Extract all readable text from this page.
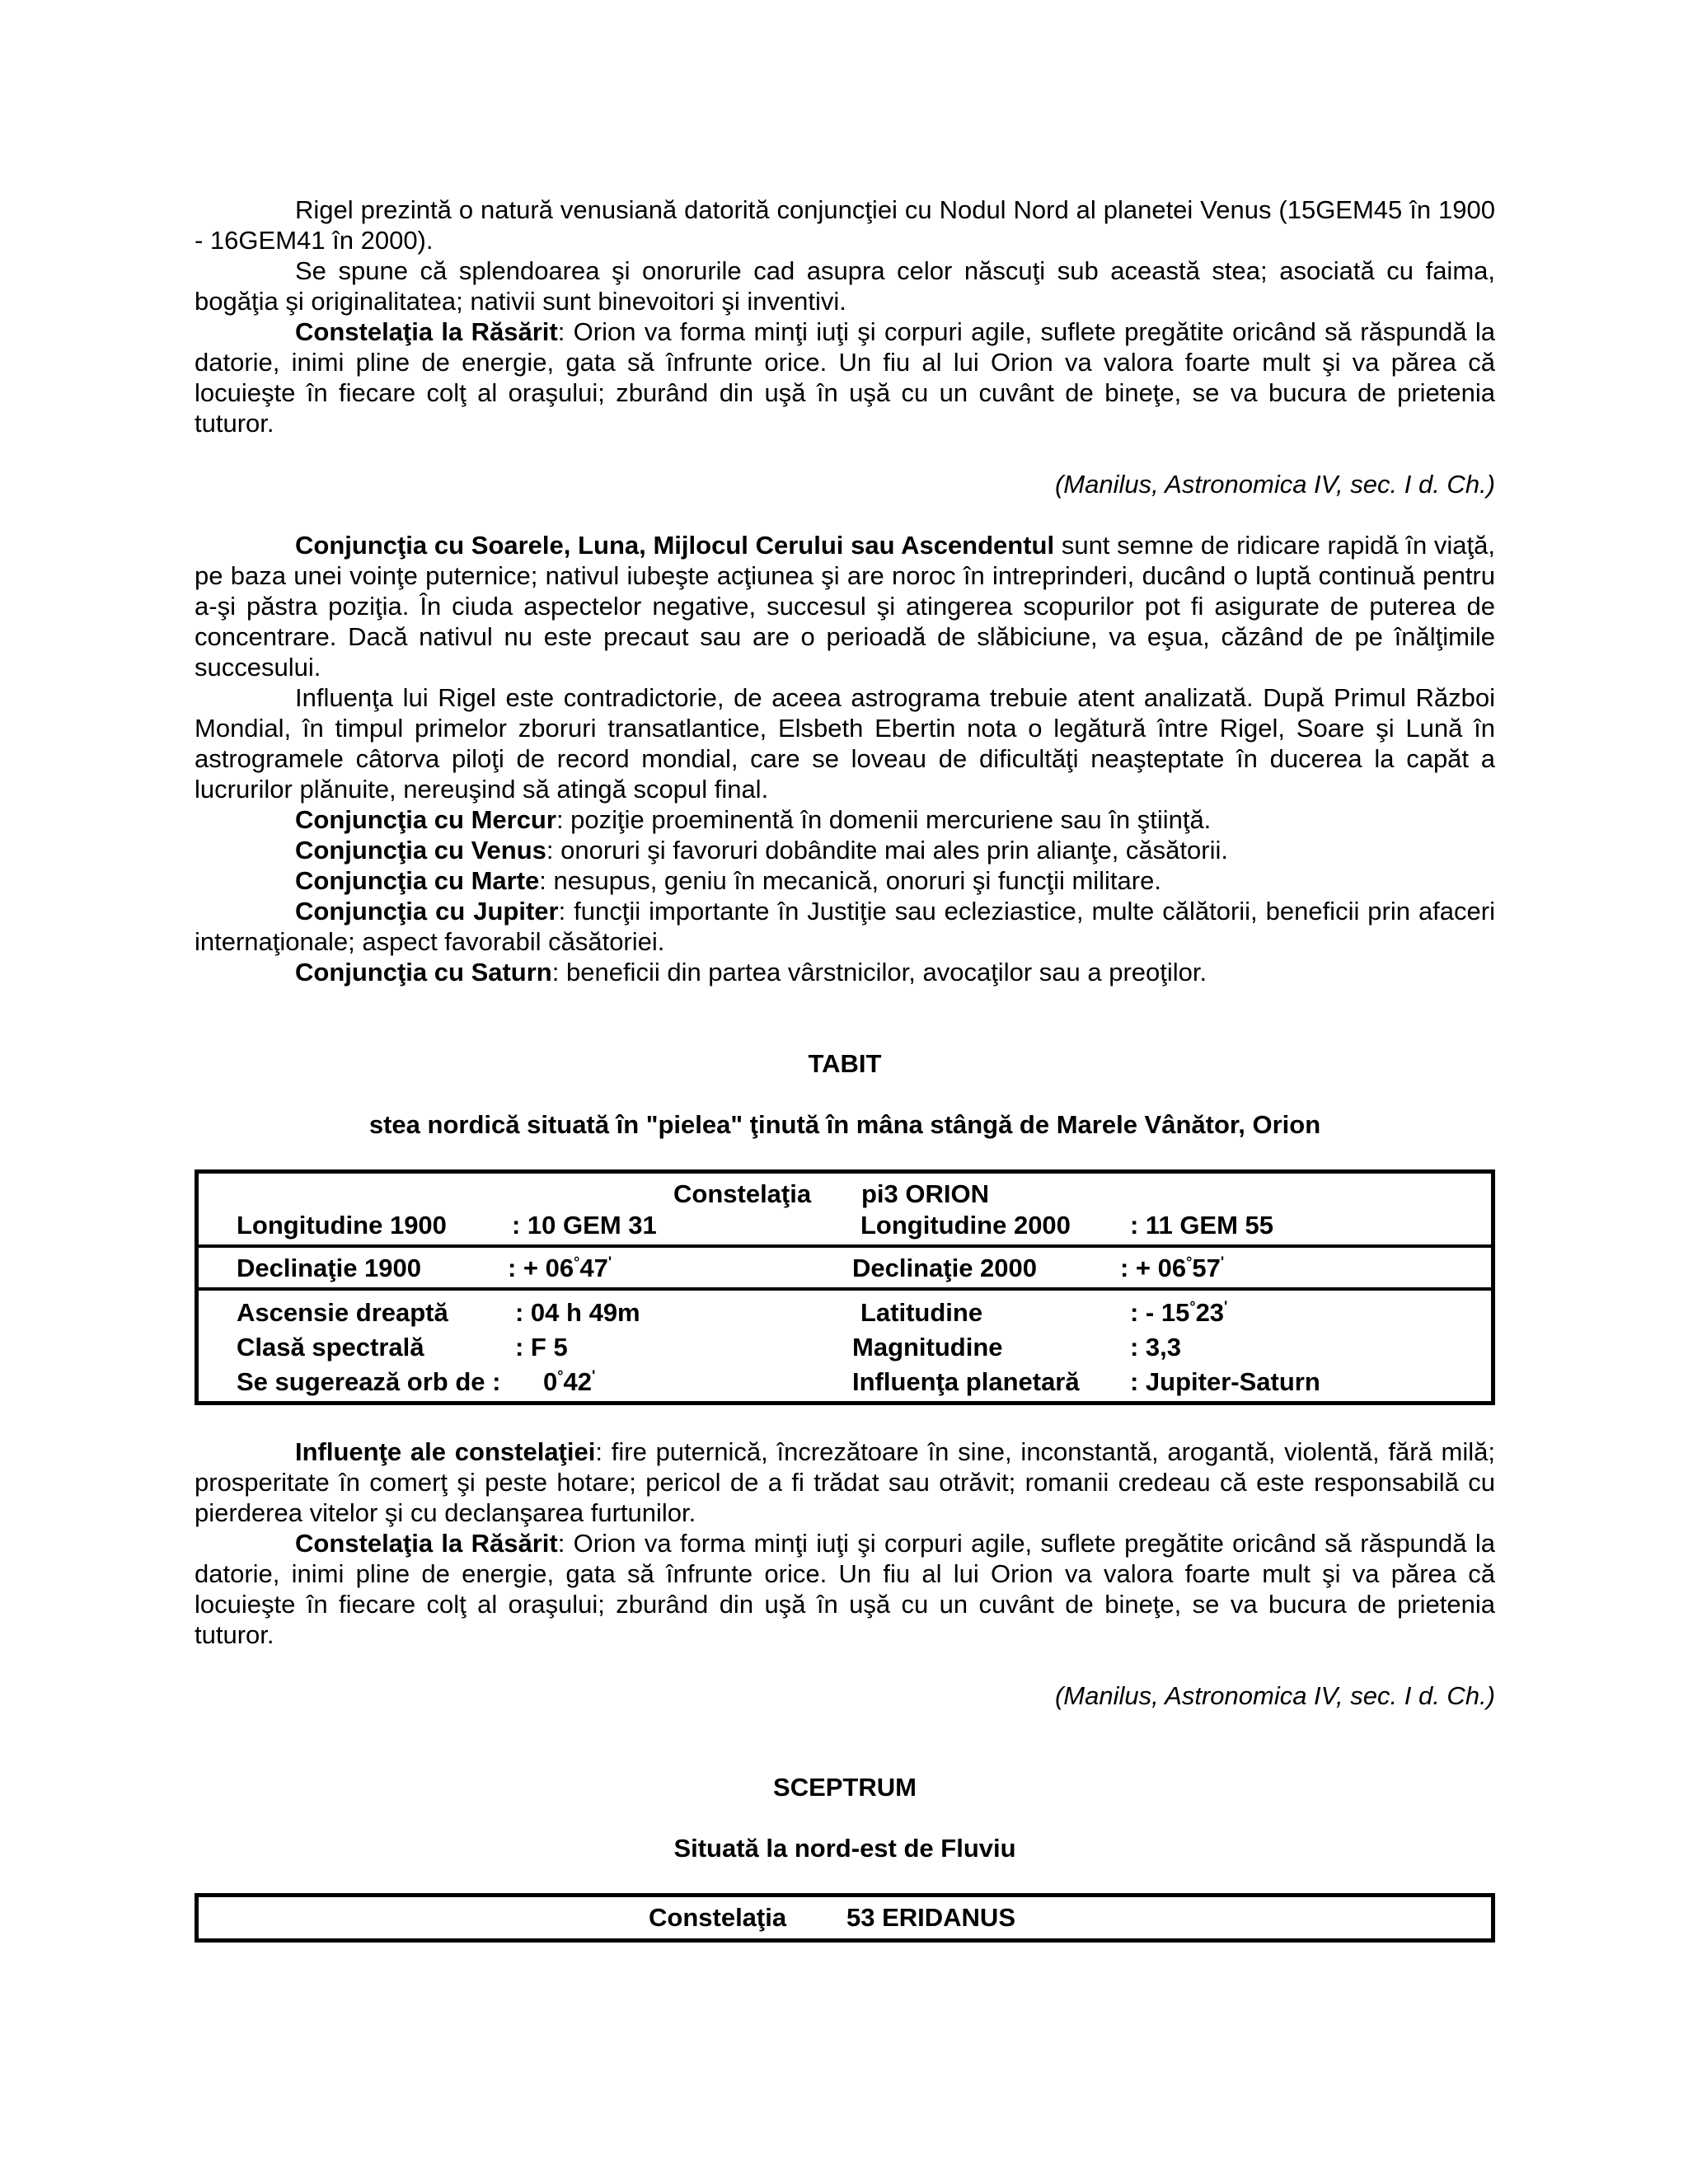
Rigel prezintă o natură venusiană datorită conjuncţiei cu Nodul Nord al planetei Venus (15GEM45 în 1900 - 16GEM41 în 2000).

Se spune că splendoarea şi onorurile cad asupra celor născuţi sub această stea; asociată cu faima, bogăţia şi originalitatea; nativii sunt binevoitori şi inventivi.

Constelaţia la Răsărit: Orion va forma minţi iuţi şi corpuri agile, suflete pregătite oricând să răspundă la datorie, inimi pline de energie, gata să înfrunte orice. Un fiu al lui Orion va valora foarte mult şi va părea că locuieşte în fiecare colţ al oraşului; zburând din uşă în uşă cu un cuvânt de bineţe, se va bucura de prietenia tuturor.

(Manilus, Astronomica IV, sec. I d. Ch.)

Conjuncţia cu Soarele, Luna, Mijlocul Cerului sau Ascendentul sunt semne de ridicare rapidă în viaţă, pe baza unei voinţe puternice; nativul iubeşte acţiunea şi are noroc în intreprinderi, ducând o luptă continuă pentru a-şi păstra poziţia. În ciuda aspectelor negative, succesul şi atingerea scopurilor pot fi asigurate de puterea de concentrare. Dacă nativul nu este precaut sau are o perioadă de slăbiciune, va eşua, căzând de pe înălţimile succesului.

Influenţa lui Rigel este contradictorie, de aceea astrograma trebuie atent analizată. După Primul Război Mondial, în timpul primelor zboruri transatlantice, Elsbeth Ebertin nota o legătură între Rigel, Soare şi Lună în astrogramele câtorva piloţi de record mondial, care se loveau de dificultăţi neaşteptate în ducerea la capăt a lucrurilor plănuite, nereuşind să atingă scopul final.

Conjuncţia cu Mercur: poziţie proeminentă în domenii mercuriene sau în ştiinţă.

Conjuncţia cu Venus: onoruri şi favoruri dobândite mai ales prin alianţe, căsătorii.

Conjuncţia cu Marte: nesupus, geniu în mecanică, onoruri şi funcţii militare.

Conjuncţia cu Jupiter: funcţii importante în Justiţie sau ecleziastice, multe călătorii, beneficii prin afaceri internaţionale; aspect favorabil căsătoriei.

Conjuncţia cu Saturn: beneficii din partea vârstnicilor, avocaţilor sau a preoţilor.

TABIT

stea nordică situată în "pielea" ţinută în mâna stângă de Marele Vânător, Orion

Constelaţia pi3 ORION
Longitudine 1900	: 10 GEM 31	Longitudine 2000 : 11 GEM 55
Declinaţie 1900	: + 06°47'	Declinaţie 2000	: + 06°57'
Ascensie dreaptă	: 04 h 49m	Latitudine	: - 15°23'
Clasă spectrală	: F 5	Magnitudine	: 3,3
Se sugerează orb de : 0°42'	Influenţa planetară : Jupiter-Saturn

Influenţe ale constelaţiei: fire puternică, încrezătoare în sine, inconstantă, arogantă, violentă, fără milă; prosperitate în comerţ şi peste hotare; pericol de a fi trădat sau otrăvit; romanii credeau că este responsabilă cu pierderea vitelor şi cu declanşarea furtunilor.

Constelaţia la Răsărit: Orion va forma minţi iuţi şi corpuri agile, suflete pregătite oricând să răspundă la datorie, inimi pline de energie, gata să înfrunte orice. Un fiu al lui Orion va valora foarte mult şi va părea că locuieşte în fiecare colţ al oraşului; zburând din uşă în uşă cu un cuvânt de bineţe, se va bucura de prietenia tuturor.

(Manilus, Astronomica IV, sec. I d. Ch.)

SCEPTRUM

Situată la nord-est de Fluviu

Constelaţia 53 ERIDANUS
